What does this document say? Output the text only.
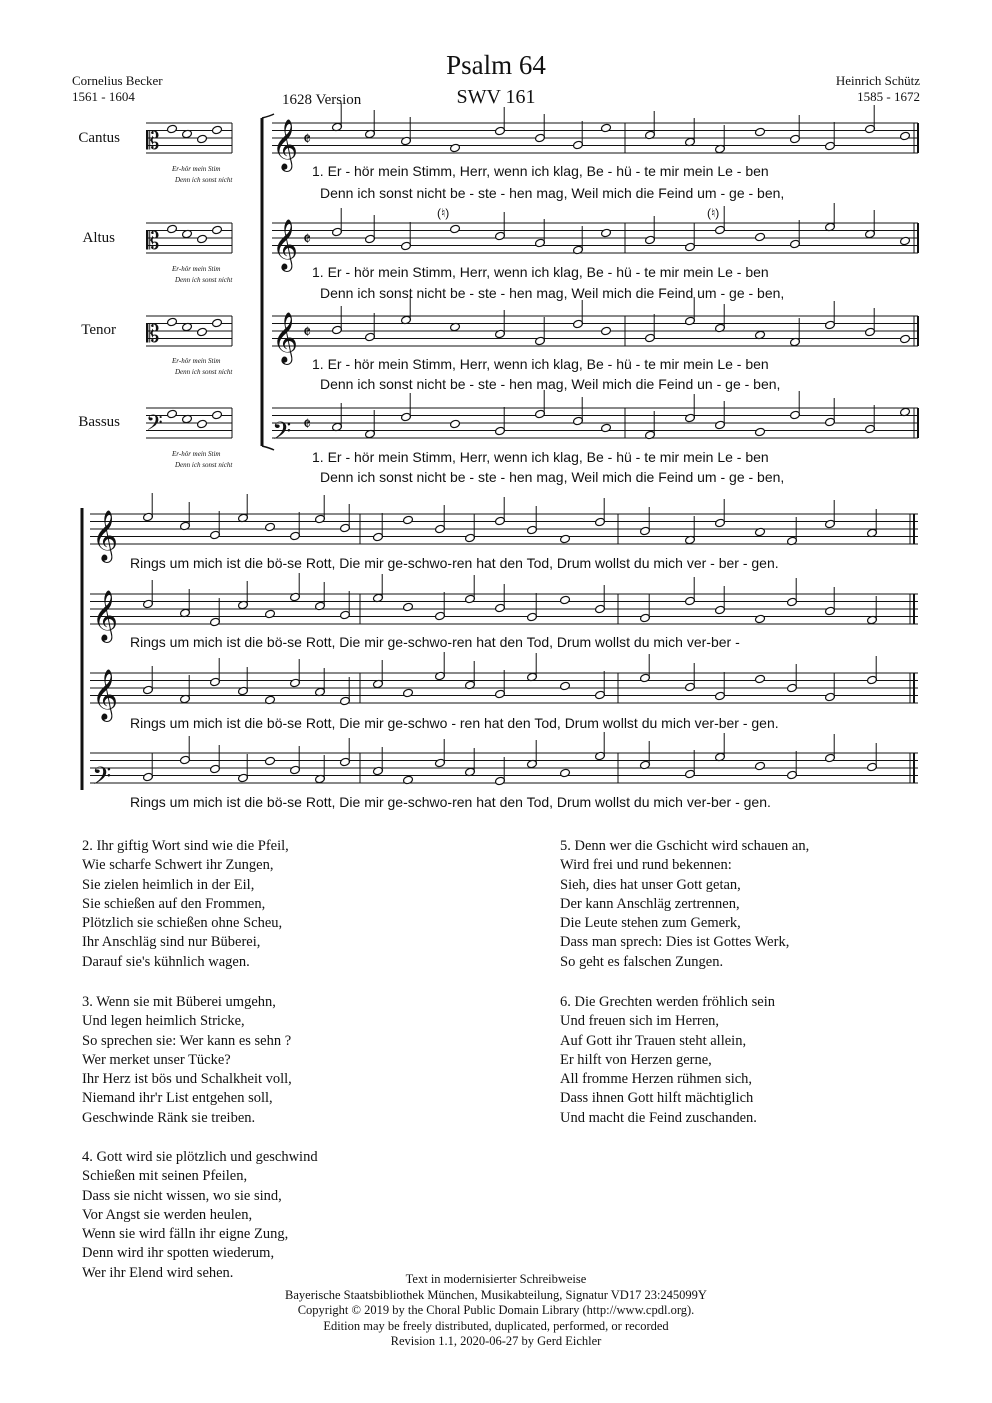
Psalm 64
SWV 161
1628 Version
Cornelius Becker
1561 - 1604
Heinrich Schütz
1585 - 1672
Cantus
Altus
Tenor
Bassus
Er-hör mein Stim
Denn ich sonst nicht
Er-hör mein Stim
Denn ich sonst nicht
Er-hör mein Stim
Denn ich sonst nicht
Er-hör mein Stim
Denn ich sonst nicht
𝄡	𝄞 𝄵
𝄡	𝄞 𝄵
𝄡	𝄞 𝄵
𝄢	𝄢 𝄵
𝄞
𝄞
𝄞
𝄢
1. Er - hör mein Stimm, Herr, wenn ich klag, Be - hü - te mir mein Le - ben
Denn ich sonst nicht be - ste - hen mag, Weil mich die Feind um - ge - ben,
(♮)	(♮)
1. Er - hör mein Stimm, Herr, wenn ich klag, Be - hü - te mir mein Le - ben
Denn ich sonst nicht be - ste - hen mag, Weil mich die Feind um - ge - ben,
1. Er - hör mein Stimm, Herr, wenn ich klag, Be - hü - te mir mein Le - ben
Denn ich sonst nicht be - ste - hen mag, Weil mich die Feind un - ge - ben,
1. Er - hör mein Stimm, Herr, wenn ich klag, Be - hü - te mir mein Le - ben
Denn ich sonst nicht be - ste - hen mag, Weil mich die Feind um - ge - ben,
Rings um mich ist die bö-se Rott, Die mir ge-schwo-ren hat den Tod, Drum wollst du mich ver - ber - gen.
Rings um mich ist die bö-se Rott, Die mir ge-schwo-ren hat den Tod, Drum wollst du mich ver-ber -
Rings um mich ist die bö-se Rott, Die mir ge-schwo - ren hat den Tod, Drum wollst du mich ver-ber - gen.
Rings um mich ist die bö-se Rott, Die mir ge-schwo-ren hat den Tod, Drum wollst du mich ver-ber - gen.
2. Ihr giftig Wort sind wie die Pfeil,
Wie scharfe Schwert ihr Zungen,
Sie zielen heimlich in der Eil,
Sie schießen auf den Frommen,
Plötzlich sie schießen ohne Scheu,
Ihr Anschläg sind nur Büberei,
Darauf sie's kühnlich wagen.
3. Wenn sie mit Büberei umgehn,
Und legen heimlich Stricke,
So sprechen sie: Wer kann es sehn ?
Wer merket unser Tücke?
Ihr Herz ist bös und Schalkheit voll,
Niemand ihr'r List entgehen soll,
Geschwinde Ränk sie treiben.
4. Gott wird sie plötzlich und geschwind
Schießen mit seinen Pfeilen,
Dass sie nicht wissen, wo sie sind,
Vor Angst sie werden heulen,
Wenn sie wird fälln ihr eigne Zung,
Denn wird ihr spotten wiederum,
Wer ihr Elend wird sehen.
5. Denn wer die Gschicht wird schauen an,
Wird frei und rund bekennen:
Sieh, dies hat unser Gott getan,
Der kann Anschläg zertrennen,
Die Leute stehen zum Gemerk,
Dass man sprech: Dies ist Gottes Werk,
So geht es falschen Zungen.
6. Die Grechten werden fröhlich sein
Und freuen sich im Herren,
Auf Gott ihr Trauen steht allein,
Er hilft von Herzen gerne,
All fromme Herzen rühmen sich,
Dass ihnen Gott hilft mächtiglich
Und macht die Feind zuschanden.
Text in modernisierter Schreibweise
Bayerische Staatsbibliothek München, Musikabteilung, Signatur VD17 23:245099Y
Copyright © 2019 by the Choral Public Domain Library (http://www.cpdl.org).
Edition may be freely distributed, duplicated, performed, or recorded
Revision 1.1, 2020-06-27 by Gerd Eichler
